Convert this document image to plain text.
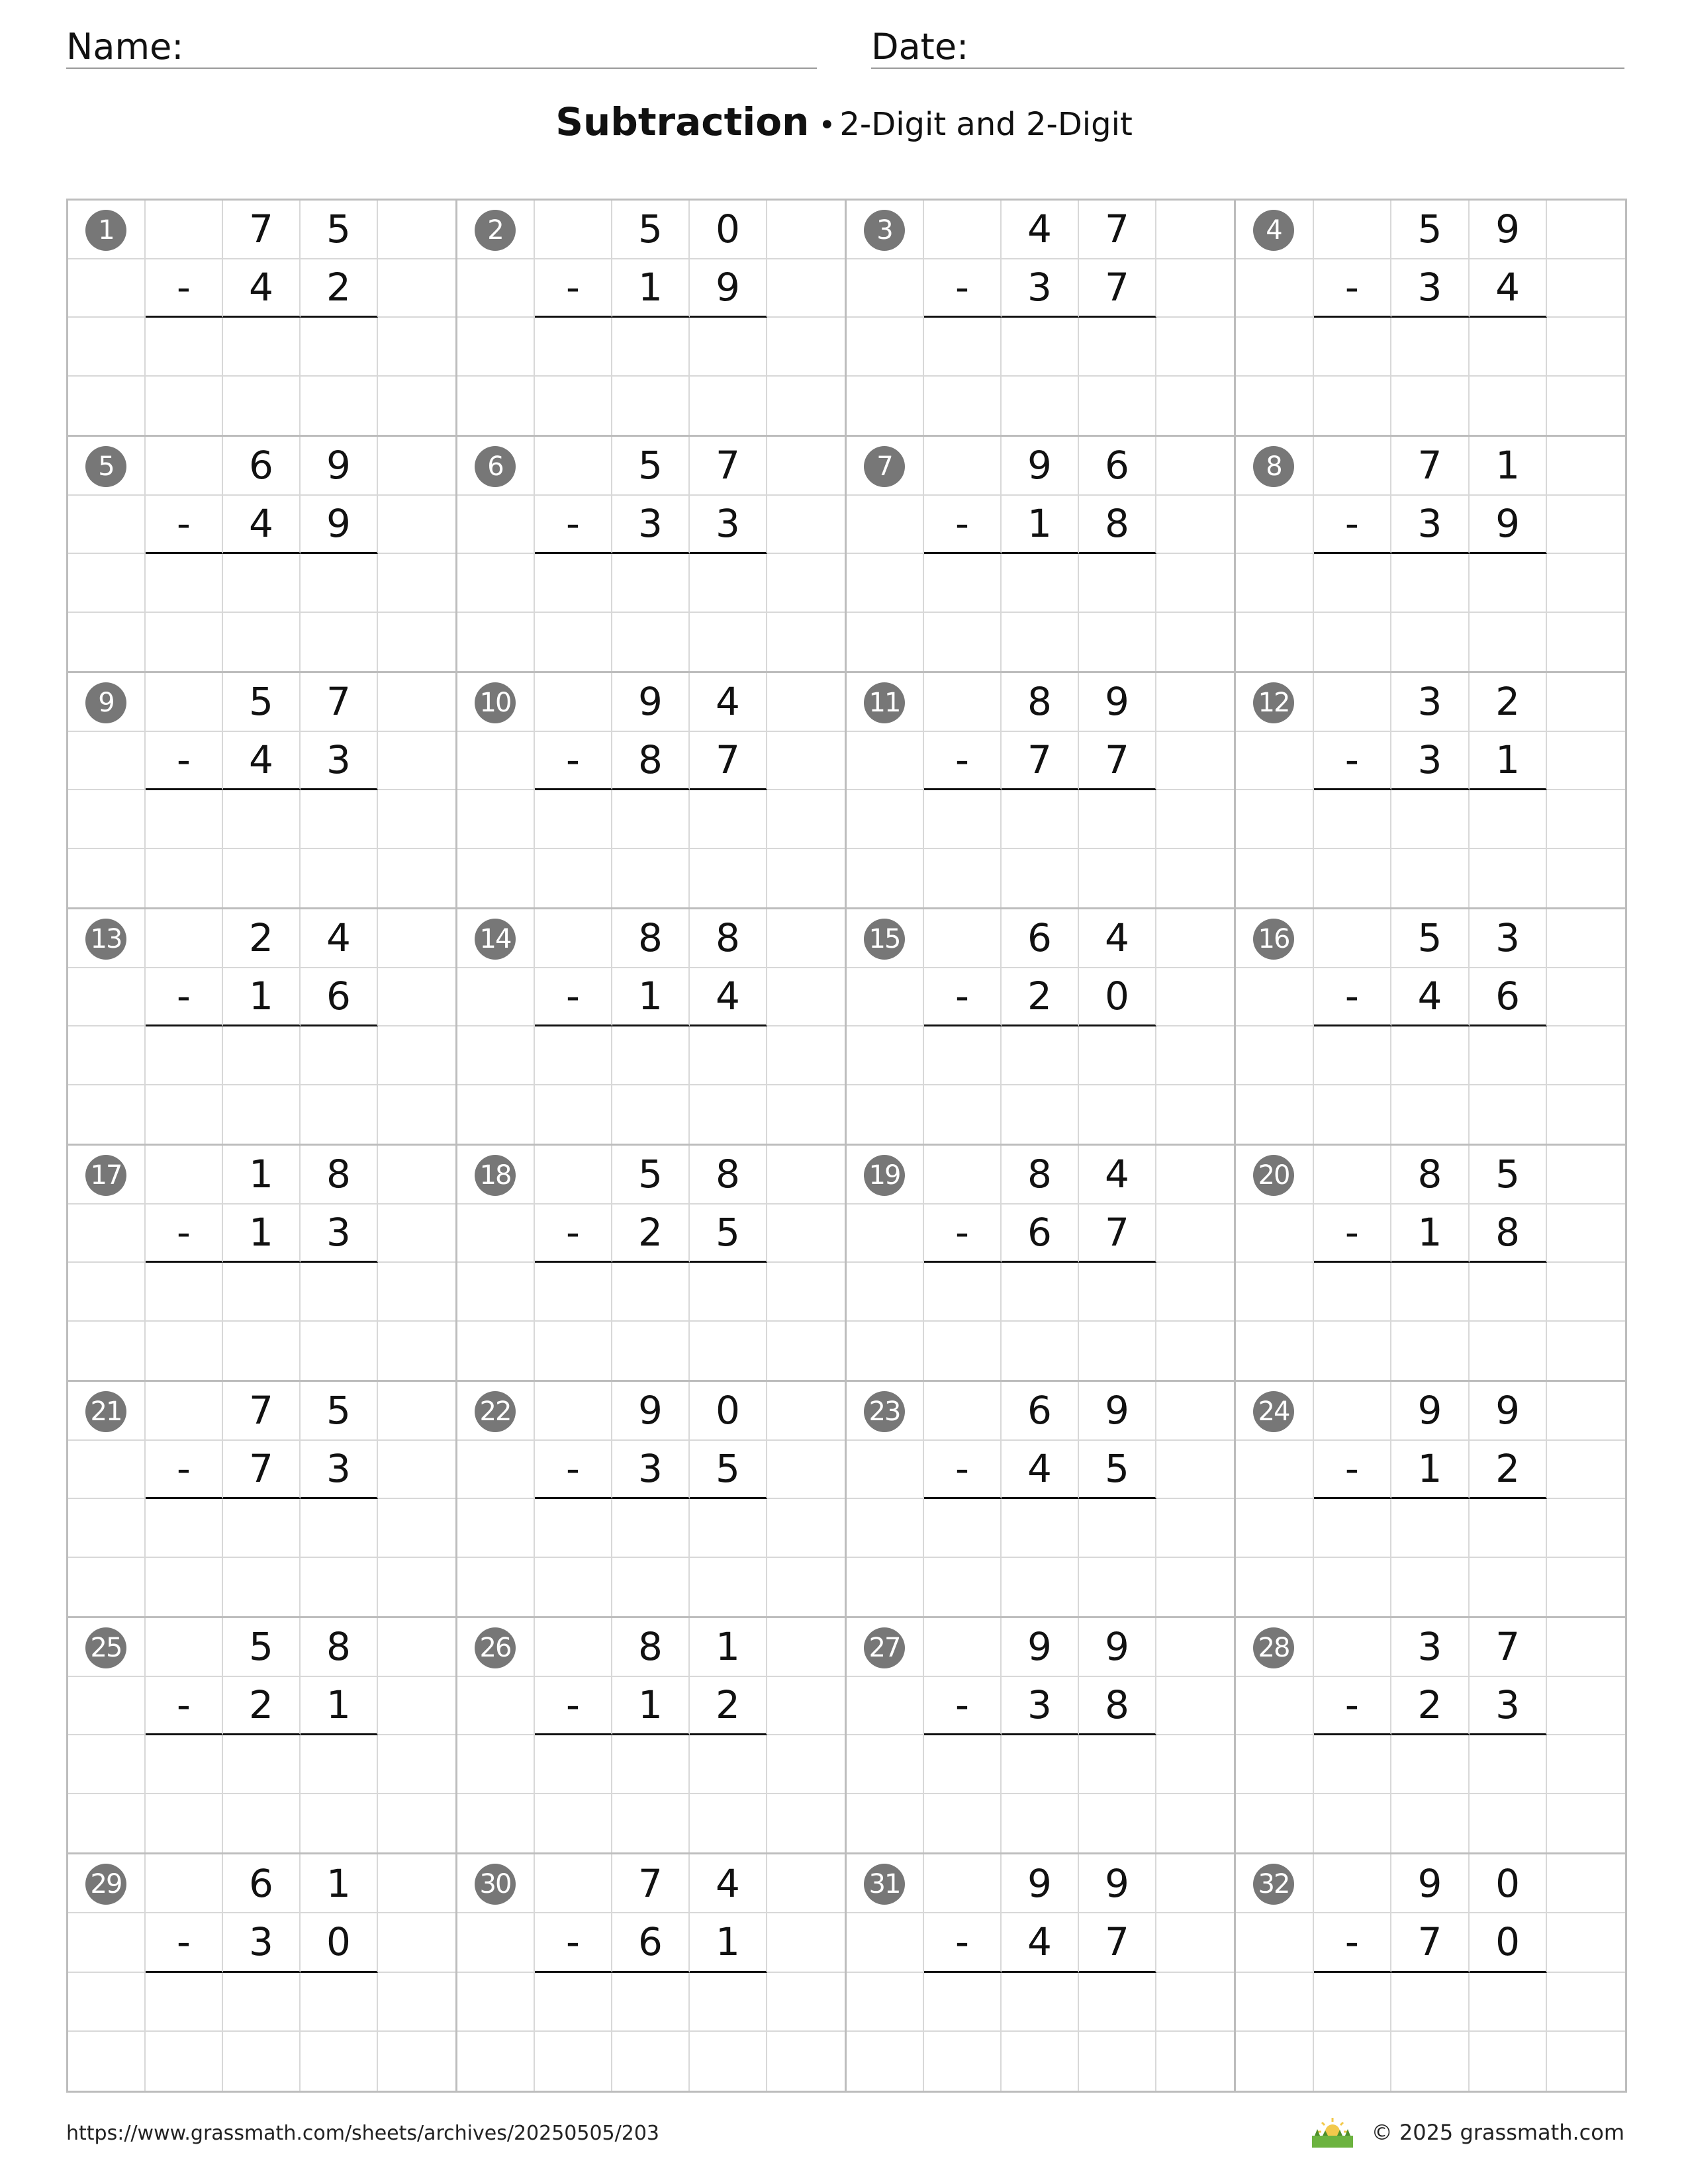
Name:	Date:
Subtraction • 2-Digit and 2-Digit
1	7	5
-	4	2
2	5	0
-	1	9
3	4	7
-	3	7
4	5	9
-	3	4
5	6	9
-	4	9
6	5	7
-	3	3
7	9	6
-	1	8
8	7	1
-	3	9
9	5	7
-	4	3
10	9	4
-	8	7
11	8	9
-	7	7
12	3	2
-	3	1
13	2	4
-	1	6
14	8	8
-	1	4
15	6	4
-	2	0
16	5	3
-	4	6
17	1	8
-	1	3
18	5	8
-	2	5
19	8	4
-	6	7
20	8	5
-	1	8
21	7	5
-	7	3
22	9	0
-	3	5
23	6	9
-	4	5
24	9	9
-	1	2
25	5	8
-	2	1
26	8	1
-	1	2
27	9	9
-	3	8
28	3	7
-	2	3
29	6	1
-	3	0
30	7	4
-	6	1
31	9	9
-	4	7
32	9	0
-	7	0
https://www.grassmath.com/sheets/archives/20250505/203	© 2025 grassmath.com
